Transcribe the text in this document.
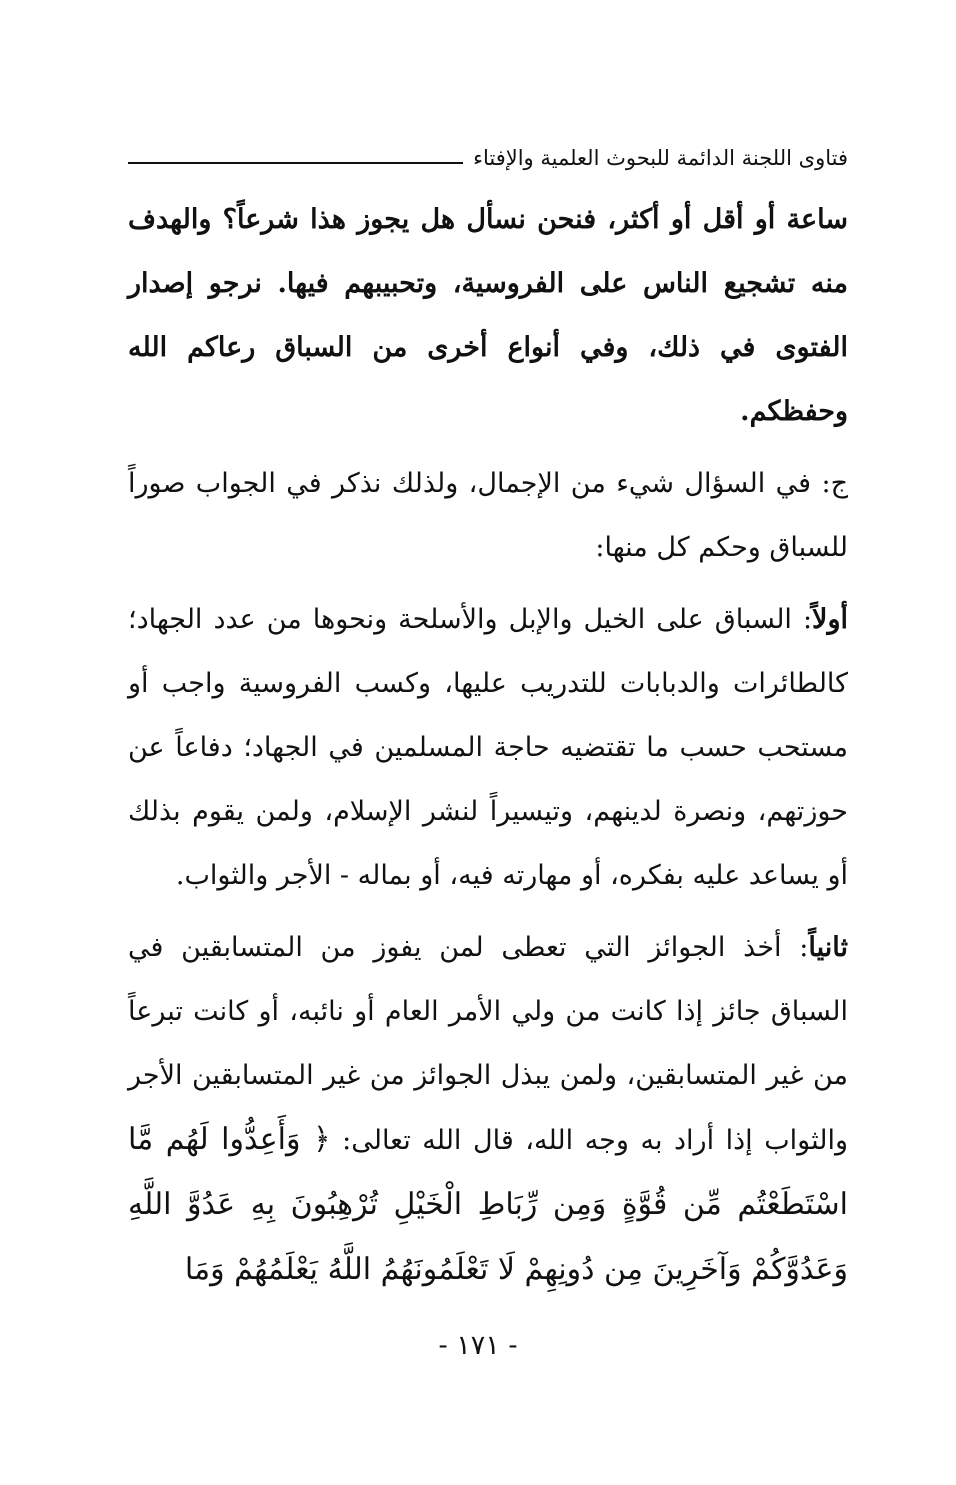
فتاوى اللجنة الدائمة للبحوث العلمية والإفتاء

ساعة أو أقل أو أكثر، فنحن نسأل هل يجوز هذا شرعاً؟ والهدف منه تشجيع الناس على الفروسية، وتحبيبهم فيها. نرجو إصدار الفتوى في ذلك، وفي أنواع أخرى من السباق رعاكم الله وحفظكم.

ج: في السؤال شيء من الإجمال، ولذلك نذكر في الجواب صوراً للسباق وحكم كل منها:

أولاً: السباق على الخيل والإبل والأسلحة ونحوها من عدد الجهاد؛ كالطائرات والدبابات للتدريب عليها، وكسب الفروسية واجب أو مستحب حسب ما تقتضيه حاجة المسلمين في الجهاد؛ دفاعاً عن حوزتهم، ونصرة لدينهم، وتيسيراً لنشر الإسلام، ولمن يقوم بذلك أو يساعد عليه بفكره، أو مهارته فيه، أو بماله - الأجر والثواب.

ثانياً: أخذ الجوائز التي تعطى لمن يفوز من المتسابقين في السباق جائز إذا كانت من ولي الأمر العام أو نائبه، أو كانت تبرعاً من غير المتسابقين، ولمن يبذل الجوائز من غير المتسابقين الأجر والثواب إذا أراد به وجه الله، قال الله تعالى: ﴿ وَأَعِدُّوا لَهُم مَّا اسْتَطَعْتُم مِّن قُوَّةٍ وَمِن رِّبَاطِ الْخَيْلِ تُرْهِبُونَ بِهِ عَدُوَّ اللَّهِ وَعَدُوَّكُمْ وَآخَرِينَ مِن دُونِهِمْ لَا تَعْلَمُونَهُمُ اللَّهُ يَعْلَمُهُمْ وَمَا

- ١٧١ -
